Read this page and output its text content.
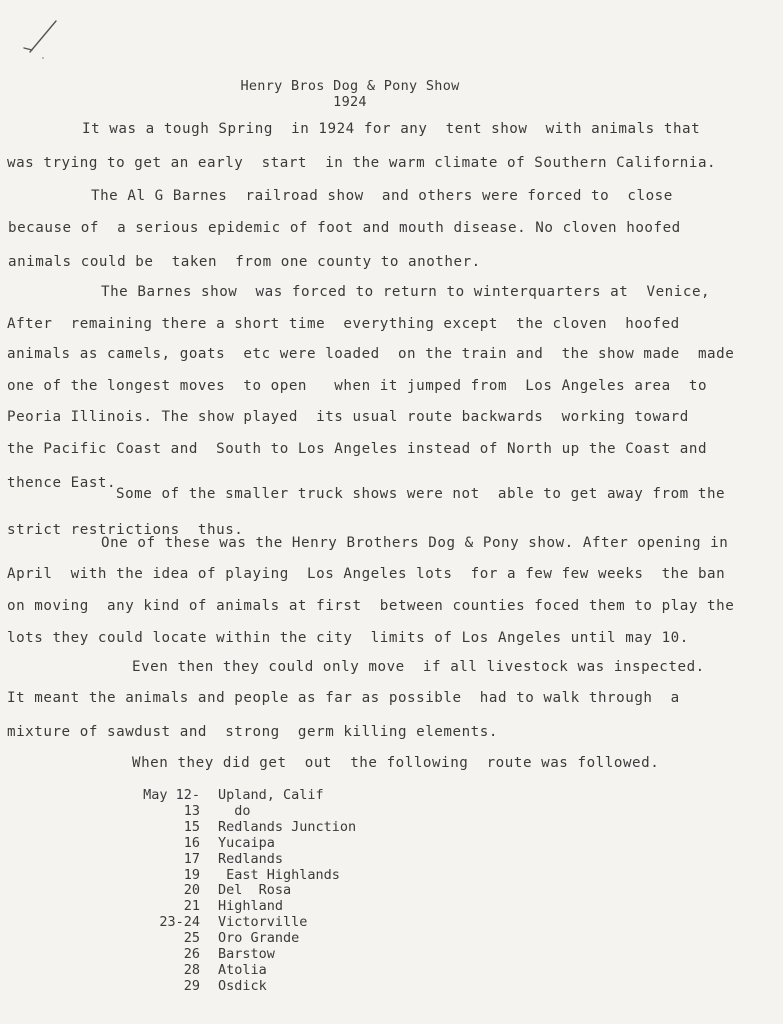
Henry Bros Dog & Pony Show
1924
It was a tough Spring  in 1924 for any  tent show  with animals that
was trying to get an early  start  in the warm climate of Southern California.
The Al G Barnes  railroad show  and others were forced to  close
because of  a serious epidemic of foot and mouth disease. No cloven hoofed
animals could be  taken  from one county to another.
The Barnes show  was forced to return to winterquarters at  Venice,
After  remaining there a short time  everything except  the cloven  hoofed
animals as camels, goats  etc were loaded  on the train and  the show made  made
one of the longest moves  to open   when it jumped from  Los Angeles area  to
Peoria Illinois. The show played  its usual route backwards  working toward
the Pacific Coast and  South to Los Angeles instead of North up the Coast and
thence East.
Some of the smaller truck shows were not  able to get away from the
strict restrictions  thus.
One of these was the Henry Brothers Dog & Pony show. After opening in
April  with the idea of playing  Los Angeles lots  for a few few weeks  the ban
on moving  any kind of animals at first  between counties foced them to play the
lots they could locate within the city  limits of Los Angeles until may 10.
Even then they could only move  if all livestock was inspected.
It meant the animals and people as far as possible  had to walk through  a
mixture of sawdust and  strong  germ killing elements.
When they did get  out  the following  route was followed.
May 12-	Upland, Calif
13	do
15	Redlands Junction
16	Yucaipa
17	Redlands
19	East Highlands
20	Del  Rosa
21	Highland
23-24	Victorville
25	Oro Grande
26	Barstow
28	Atolia
29	Osdick
